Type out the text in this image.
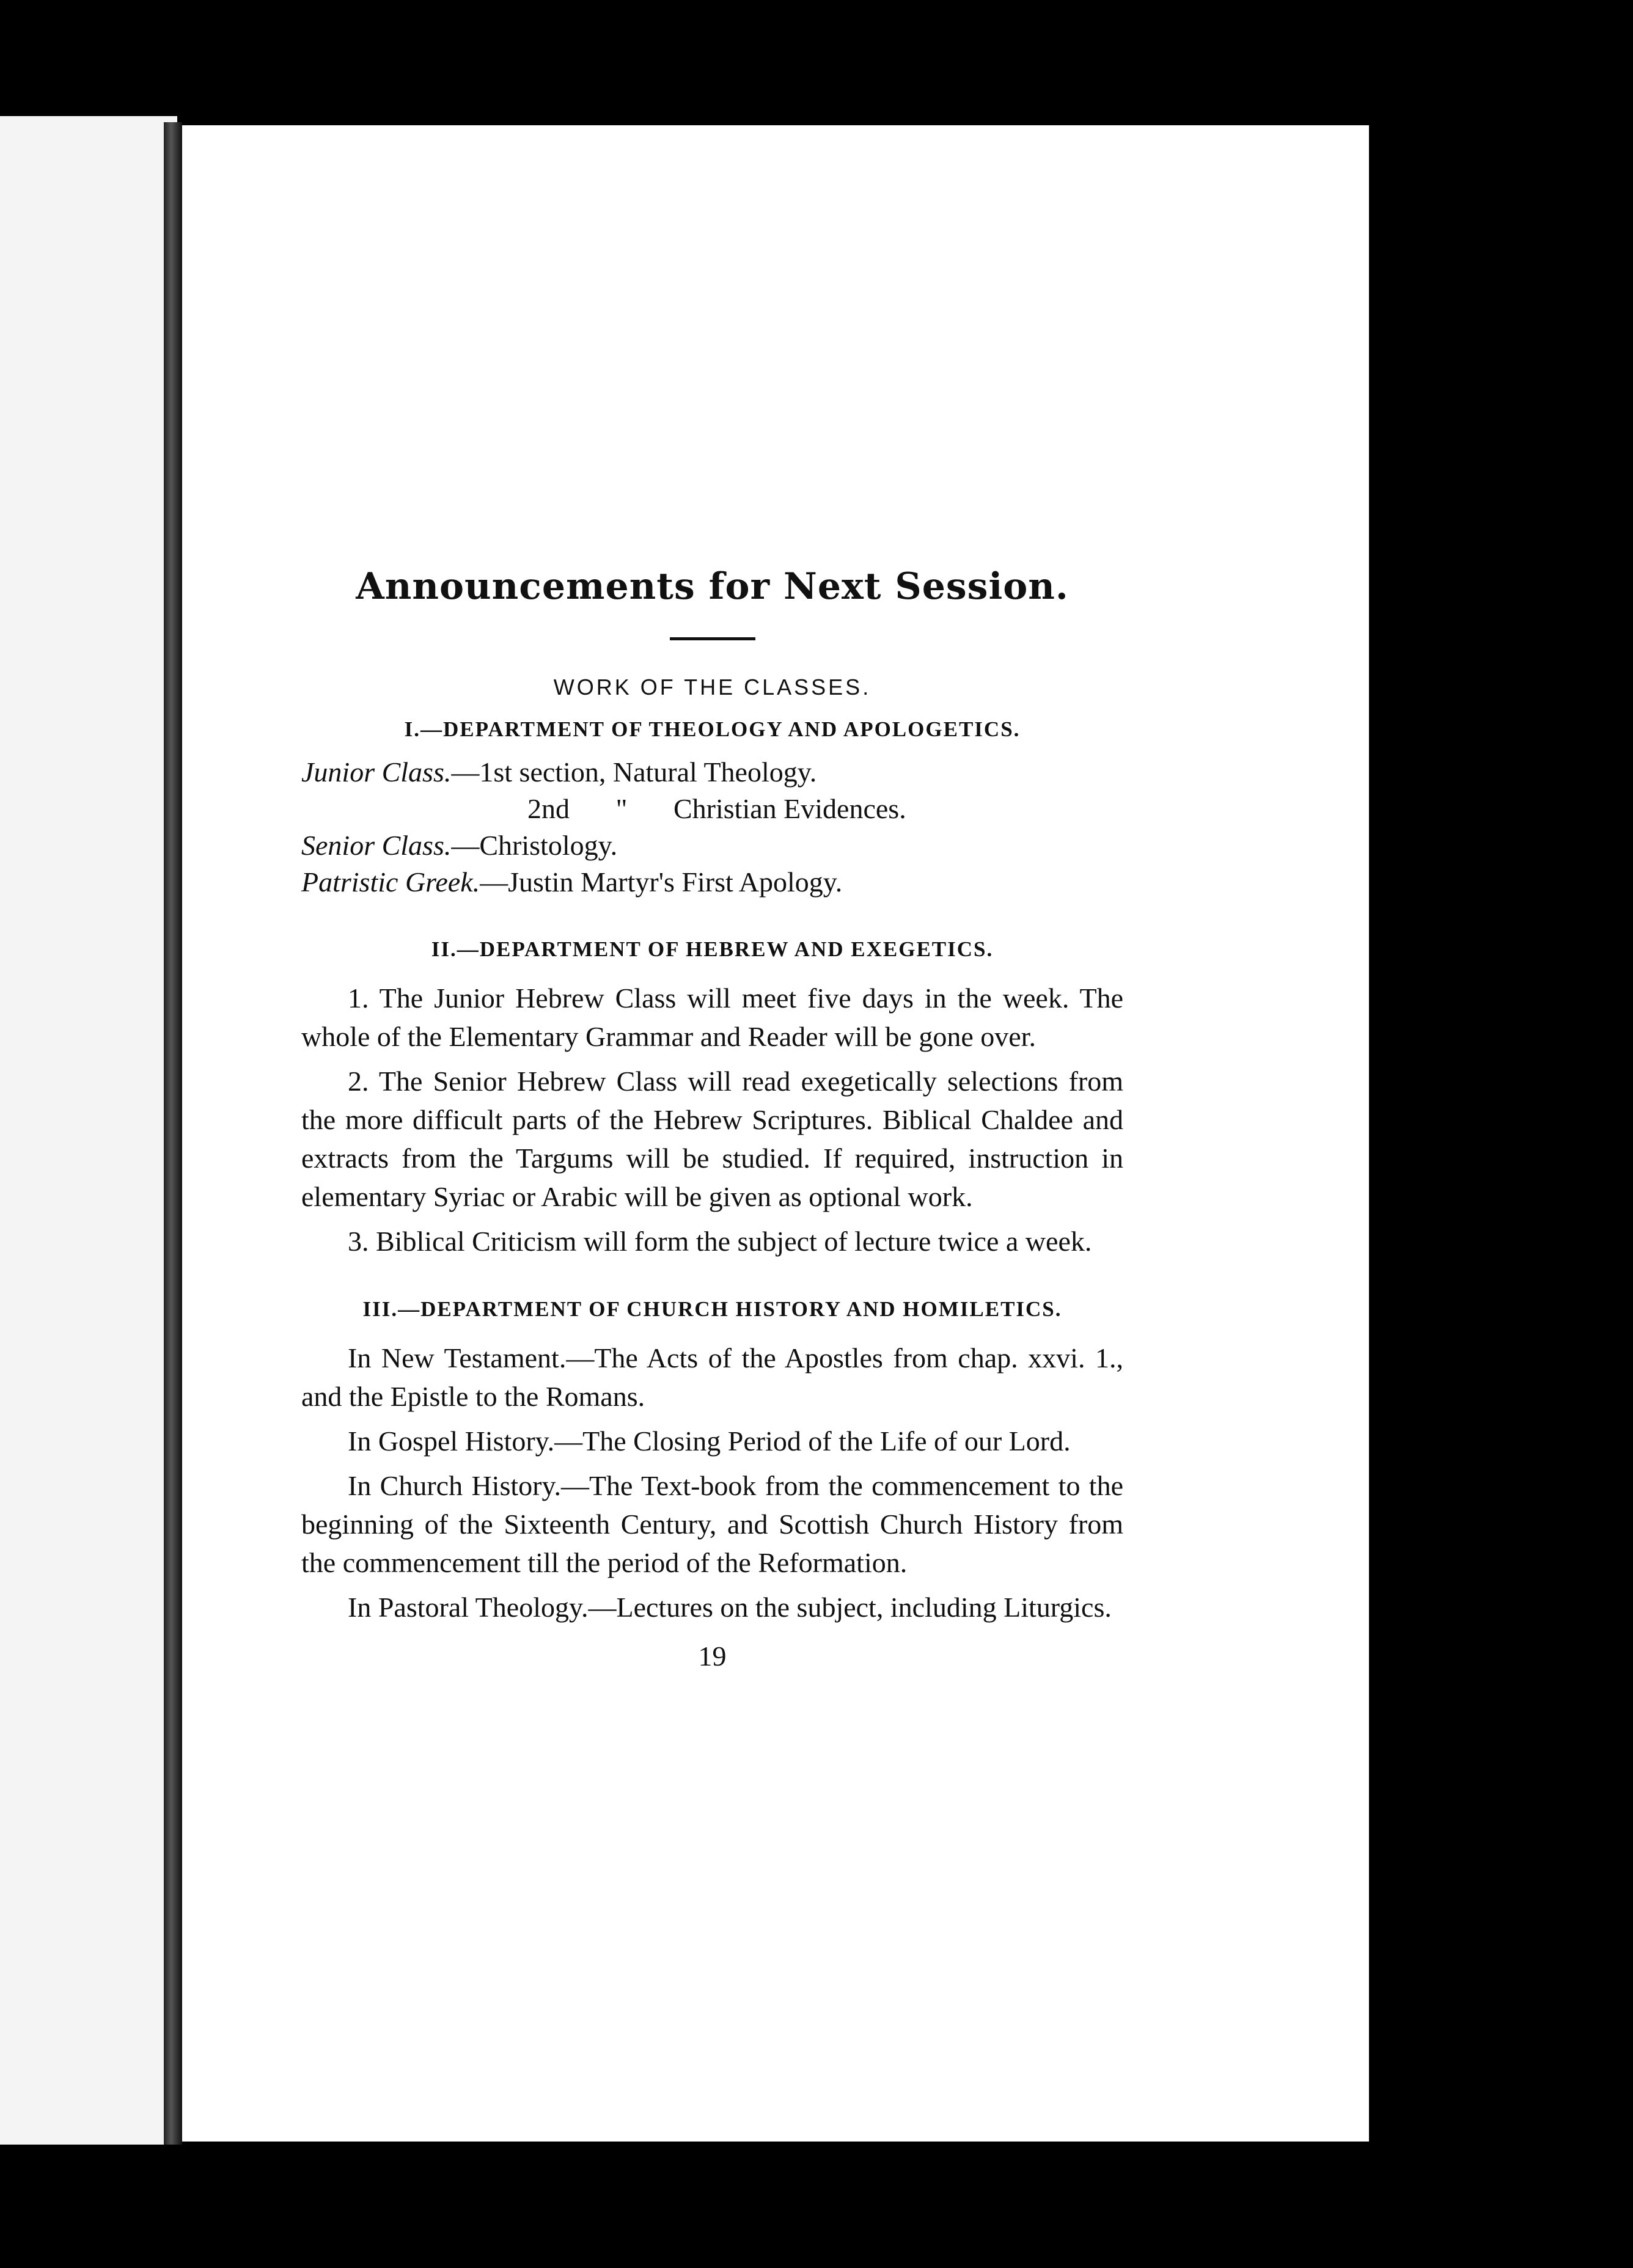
Announcements for Next Session.
WORK OF THE CLASSES.
I.—DEPARTMENT OF THEOLOGY AND APOLOGETICS.
Junior Class.—1st section, Natural Theology.
2nd " Christian Evidences.
Senior Class.—Christology.
Patristic Greek.—Justin Martyr's First Apology.
II.—DEPARTMENT OF HEBREW AND EXEGETICS.

1. The Junior Hebrew Class will meet five days in the week. The whole of the Elementary Grammar and Reader will be gone over.

2. The Senior Hebrew Class will read exegetically selections from the more difficult parts of the Hebrew Scriptures. Biblical Chaldee and extracts from the Targums will be studied. If required, instruction in elementary Syriac or Arabic will be given as optional work.

3. Biblical Criticism will form the subject of lecture twice a week.

III.—DEPARTMENT OF CHURCH HISTORY AND HOMILETICS.

In New Testament.—The Acts of the Apostles from chap. xxvi. 1., and the Epistle to the Romans.

In Gospel History.—The Closing Period of the Life of our Lord.

In Church History.—The Text-book from the commencement to the beginning of the Sixteenth Century, and Scottish Church History from the commencement till the period of the Reformation.

In Pastoral Theology.—Lectures on the subject, including Liturgics.

19
